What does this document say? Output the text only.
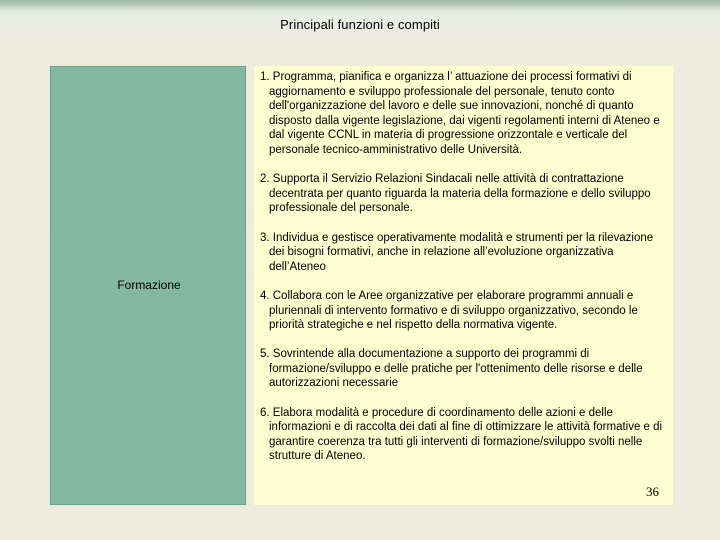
Principali funzioni e compiti
Formazione

1. Programma, pianifica e organizza l’ attuazione dei processi formativi di aggiornamento e sviluppo professionale del personale, tenuto conto dell'organizzazione del lavoro e delle sue innovazioni, nonché di quanto disposto dalla vigente legislazione, dai vigenti regolamenti interni di Ateneo e dal vigente CCNL in materia di progressione orizzontale e verticale del personale tecnico-amministrativo delle Università.

2. Supporta il Servizio Relazioni Sindacali nelle attività di contrattazione decentrata per quanto riguarda la materia della formazione e dello sviluppo professionale del personale.

3. Individua e gestisce operativamente modalità e strumenti per la rilevazione dei bisogni formativi, anche in relazione all’evoluzione organizzativa dell’Ateneo

4. Collabora con le Aree organizzative per elaborare programmi annuali e pluriennali di intervento formativo e di sviluppo organizzativo, secondo le priorità strategiche e nel rispetto della normativa vigente.

5. Sovrintende alla documentazione a supporto dei programmi di formazione/sviluppo e delle pratiche per l'ottenimento delle risorse e delle autorizzazioni necessarie

6. Elabora modalità e procedure di coordinamento delle azioni e delle informazioni e di raccolta dei dati al fine di ottimizzare le attività formative e di garantire coerenza tra tutti gli interventi di formazione/sviluppo svolti nelle strutture di Ateneo.

36
